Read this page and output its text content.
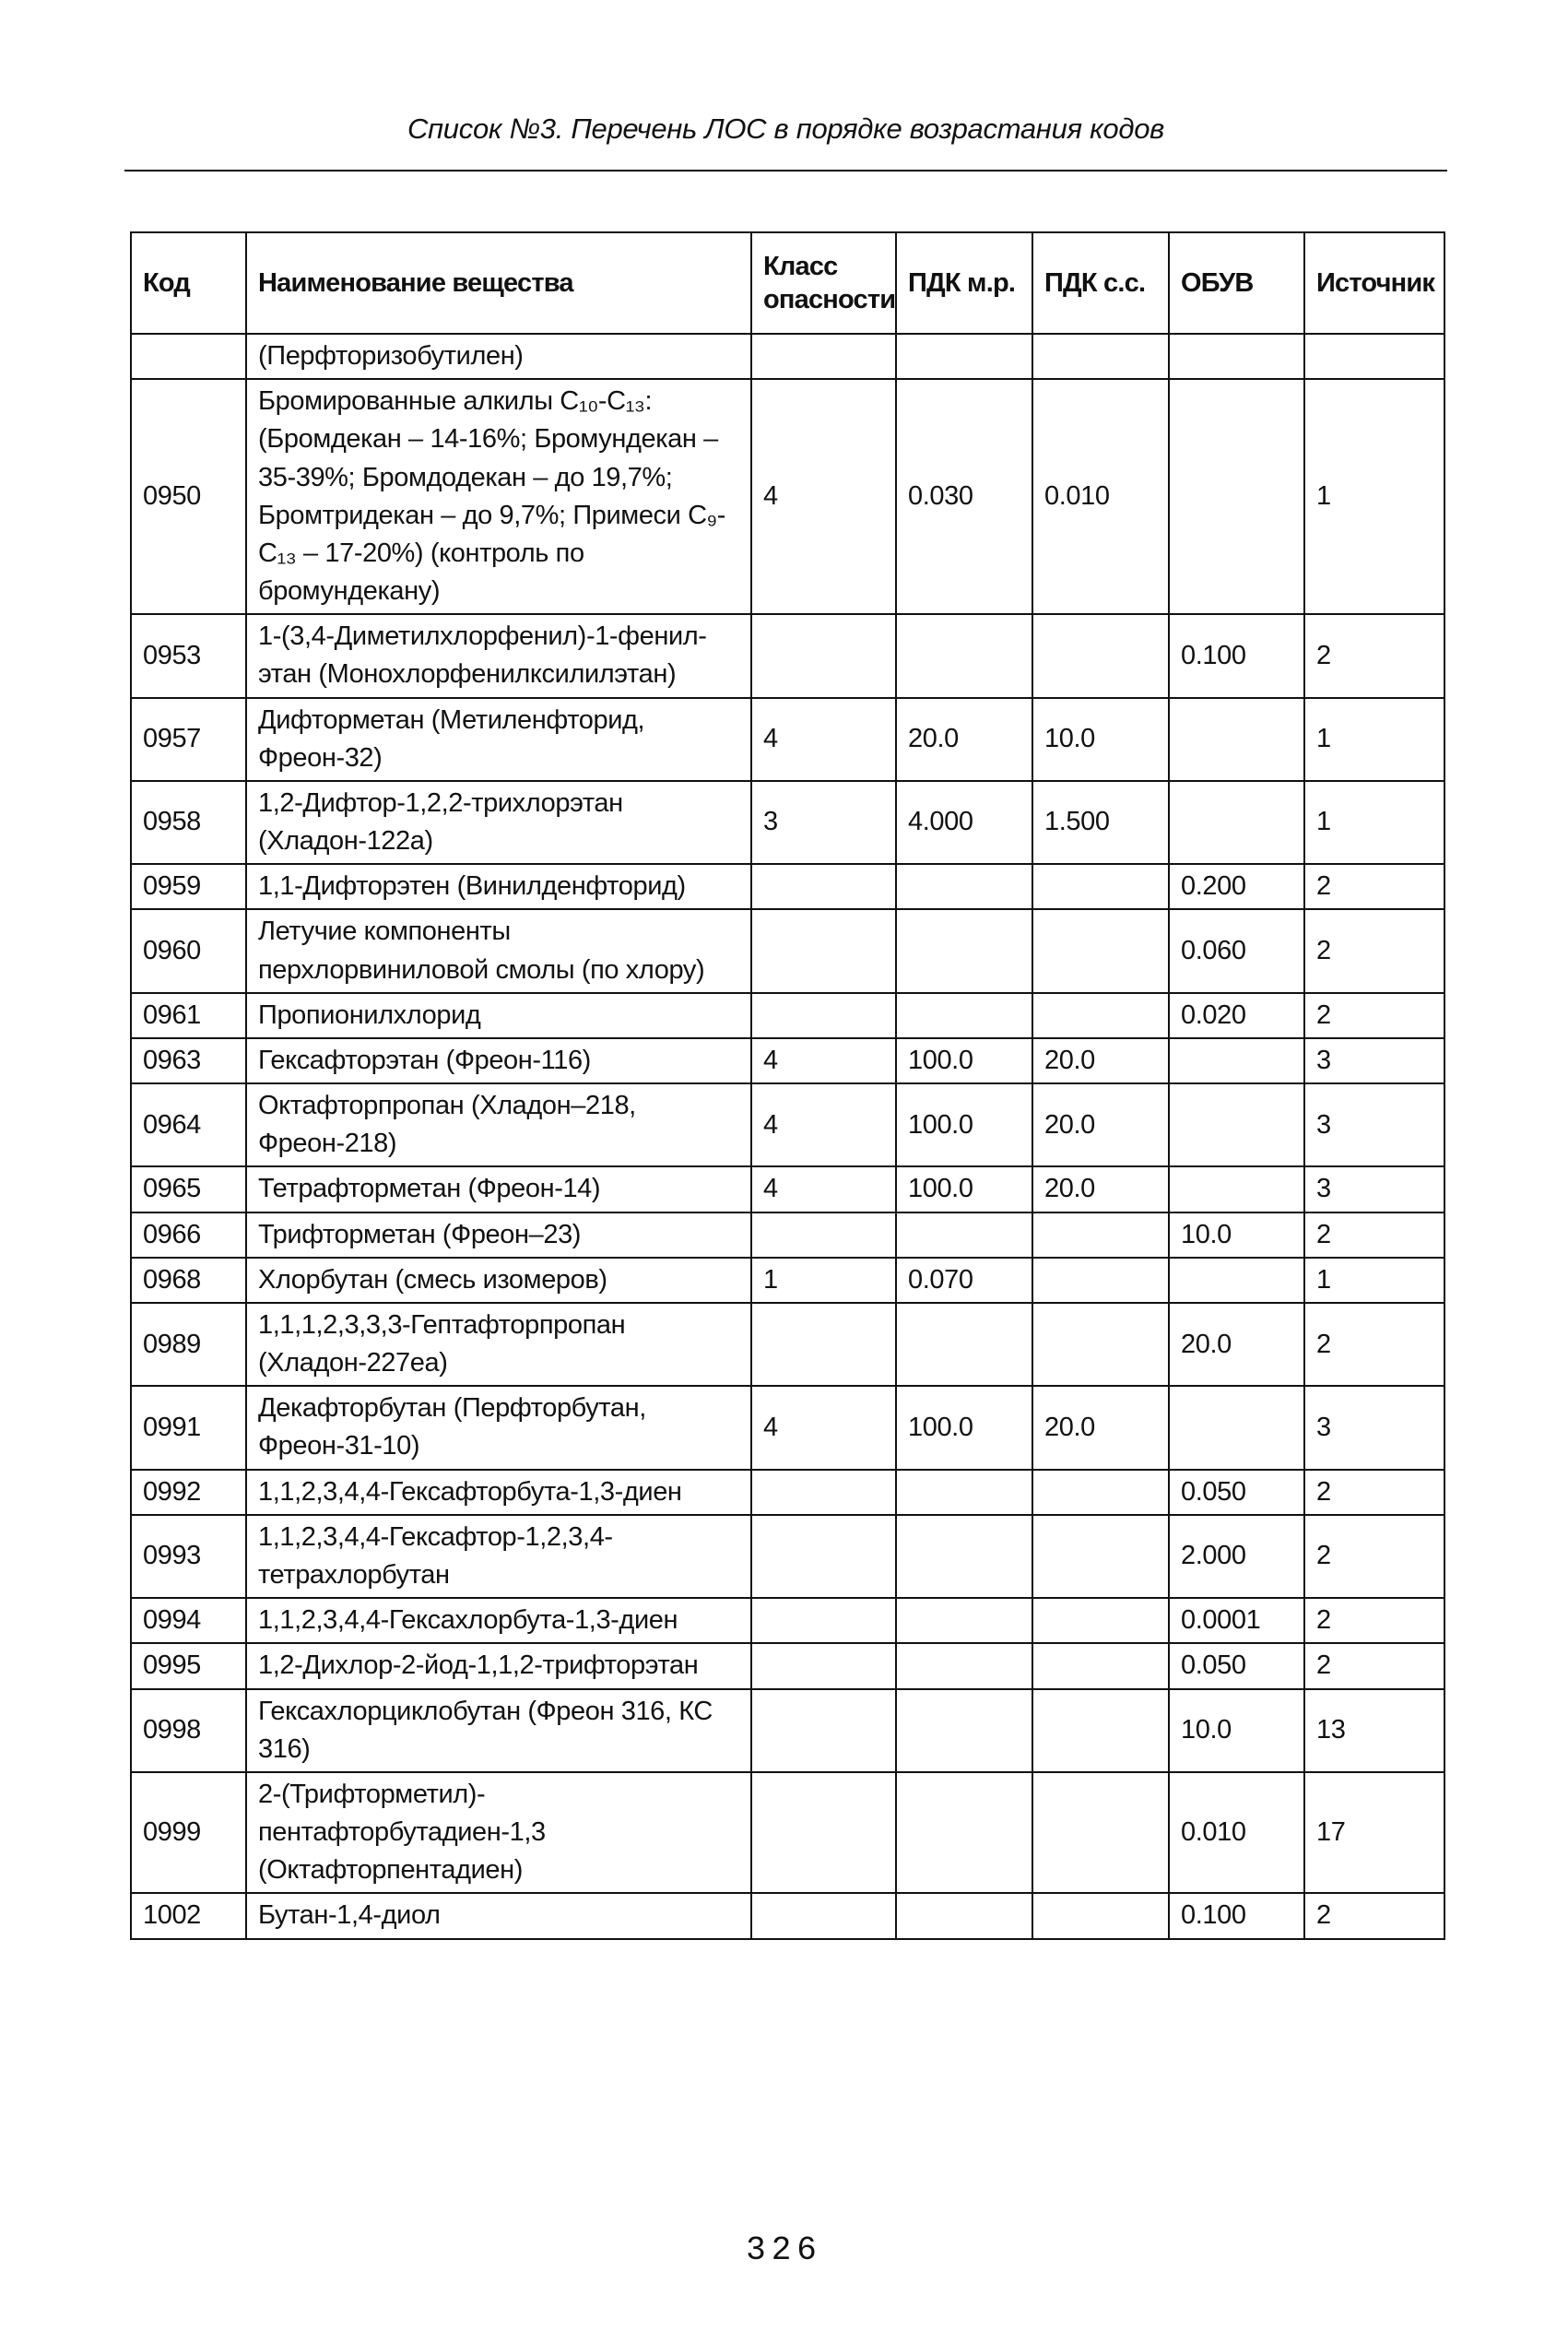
Список №3. Перечень ЛОС в порядке возрастания кодов
Код	Наименование вещества	Класс опасности	ПДК м.р.	ПДК с.с.	ОБУВ	Источник
	(Перфторизобутилен)					
0950	Бромированные алкилы C₁₀-C₁₃: (Бромдекан – 14-16%; Бромундекан – 35-39%; Бромдодекан – до 19,7%; Бромтридекан – до 9,7%; Примеси C₉-C₁₃ – 17-20%) (контроль по бромундекану)	4	0.030	0.010		1
0953	1-(3,4-Диметилхлорфенил)-1-фенил-этан (Монохлорфенилксилилэтан)				0.100	2
0957	Дифторметан (Метиленфторид, Фреон-32)	4	20.0	10.0		1
0958	1,2-Дифтор-1,2,2-трихлорэтан (Хладон-122а)	3	4.000	1.500		1
0959	1,1-Дифторэтен (Винилденфторид)				0.200	2
0960	Летучие компоненты перхлорвиниловой смолы (по хлору)				0.060	2
0961	Пропионилхлорид				0.020	2
0963	Гексафторэтан (Фреон-116)	4	100.0	20.0		3
0964	Октафторпропан (Хладон–218, Фреон-218)	4	100.0	20.0		3
0965	Тетрафторметан (Фреон-14)	4	100.0	20.0		3
0966	Трифторметан (Фреон–23)				10.0	2
0968	Хлорбутан (смесь изомеров)	1	0.070			1
0989	1,1,1,2,3,3,3-Гептафторпропан (Хладон-227еа)				20.0	2
0991	Декафторбутан (Перфторбутан, Фреон-31-10)	4	100.0	20.0		3
0992	1,1,2,3,4,4-Гексафторбута-1,3-диен				0.050	2
0993	1,1,2,3,4,4-Гексафтор-1,2,3,4-тетрахлорбутан				2.000	2
0994	1,1,2,3,4,4-Гексахлорбута-1,3-диен				0.0001	2
0995	1,2-Дихлор-2-йод-1,1,2-трифторэтан				0.050	2
0998	Гексахлорциклобутан (Фреон 316, КС 316)				10.0	13
0999	2-(Трифторметил)-пентафторбутадиен-1,3 (Октафторпентадиен)				0.010	17
1002	Бутан-1,4-диол				0.100	2
326
